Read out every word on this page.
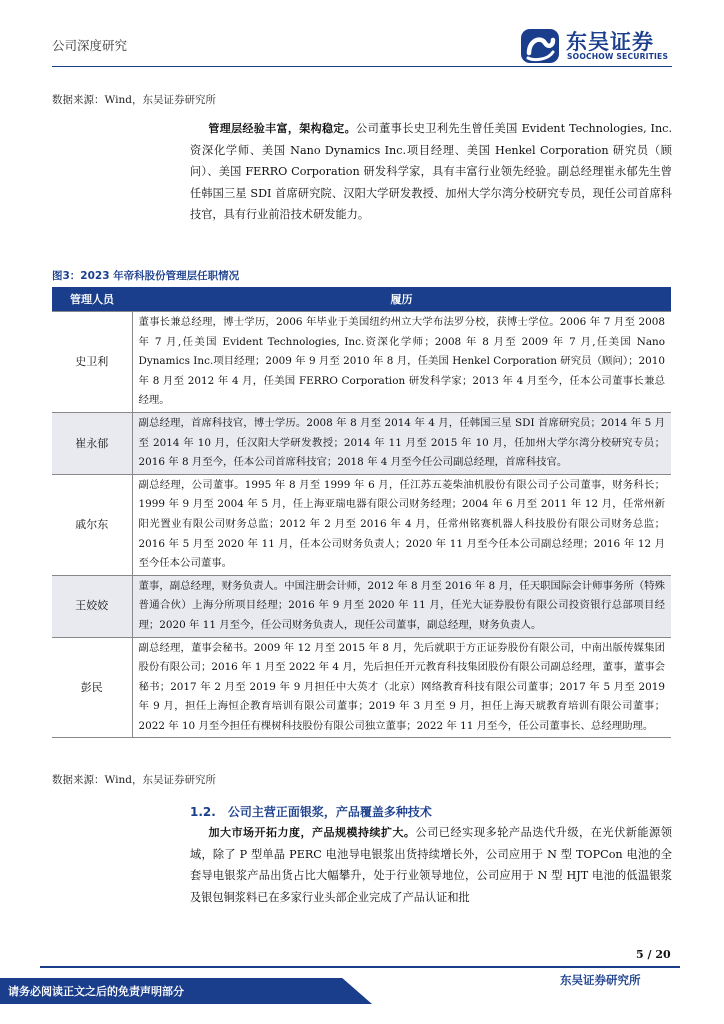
公司深度研究	东吴证券
SOOCHOW SECURITIES
数据来源：Wind，东吴证券研究所

管理层经验丰富，架构稳定。公司董事长史卫利先生曾任美国 Evident Technologies, Inc.资深化学师、美国 Nano Dynamics Inc.项目经理、美国 Henkel Corporation 研究员（顾问）、美国 FERRO Corporation 研发科学家，具有丰富行业领先经验。副总经理崔永郁先生曾任韩国三星 SDI 首席研究院、汉阳大学研发教授、加州大学尔湾分校研究专员，现任公司首席科技官，具有行业前沿技术研发能力。

图3：2023 年帝科股份管理层任职情况
管理人员	履历
史卫利	董事长兼总经理，博士学历，2006 年毕业于美国纽约州立大学布法罗分校，获博士学位。2006 年 7 月至 2008 年 7 月,任美国 Evident Technologies, Inc.资深化学师；2008 年 8 月至 2009 年 7 月,任美国 Nano Dynamics Inc.项目经理；2009 年 9 月至 2010 年 8 月，任美国 Henkel Corporation 研究员（顾问）；2010 年 8 月至 2012 年 4 月，任美国 FERRO Corporation 研发科学家；2013 年 4 月至今，任本公司董事长兼总经理。
崔永郁	副总经理，首席科技官，博士学历。2008 年 8 月至 2014 年 4 月，任韩国三星 SDI 首席研究员；2014 年 5 月至 2014 年 10 月，任汉阳大学研发教授；2014 年 11 月至 2015 年 10 月，任加州大学尔湾分校研究专员；2016 年 8 月至今，任本公司首席科技官；2018 年 4 月至今任公司副总经理，首席科技官。
戚尔东	副总经理，公司董事。1995 年 8 月至 1999 年 6 月，任江苏五菱柴油机股份有限公司子公司董事，财务科长；1999 年 9 月至 2004 年 5 月，任上海亚瑞电器有限公司财务经理；2004 年 6 月至 2011 年 12 月，任常州新阳光置业有限公司财务总监；2012 年 2 月至 2016 年 4 月，任常州铭赛机器人科技股份有限公司财务总监；2016 年 5 月至 2020 年 11 月，任本公司财务负责人；2020 年 11 月至今任本公司副总经理；2016 年 12 月至今任本公司董事。
王姣姣	董事，副总经理，财务负责人。中国注册会计师，2012 年 8 月至 2016 年 8 月，任天职国际会计师事务所（特殊普通合伙）上海分所项目经理；2016 年 9 月至 2020 年 11 月，任光大证券股份有限公司投资银行总部项目经理；2020 年 11 月至今，任公司财务负责人，现任公司董事，副总经理，财务负责人。
彭民	副总经理，董事会秘书。2009 年 12 月至 2015 年 8 月，先后就职于方正证券股份有限公司，中南出版传媒集团股份有限公司；2016 年 1 月至 2022 年 4 月，先后担任开元教育科技集团股份有限公司副总经理，董事，董事会秘书；2017 年 2 月至 2019 年 9 月担任中大英才（北京）网络教育科技有限公司董事；2017 年 5 月至 2019 年 9 月，担任上海恒企教育培训有限公司董事；2019 年 3 月至 9 月，担任上海天琥教育培训有限公司董事；2022 年 10 月至今担任有棵树科技股份有限公司独立董事；2022 年 11 月至今，任公司董事长、总经理助理。
数据来源：Wind，东吴证券研究所
1.2. 公司主营正面银浆，产品覆盖多种技术

加大市场开拓力度，产品规模持续扩大。公司已经实现多轮产品迭代升级，在光伏新能源领域，除了 P 型单晶 PERC 电池导电银浆出货持续增长外，公司应用于 N 型 TOPCon 电池的全套导电银浆产品出货占比大幅攀升，处于行业领导地位，公司应用于 N 型 HJT 电池的低温银浆及银包铜浆料已在多家行业头部企业完成了产品认证和批

5 / 20
东吴证券研究所
请务必阅读正文之后的免责声明部分
